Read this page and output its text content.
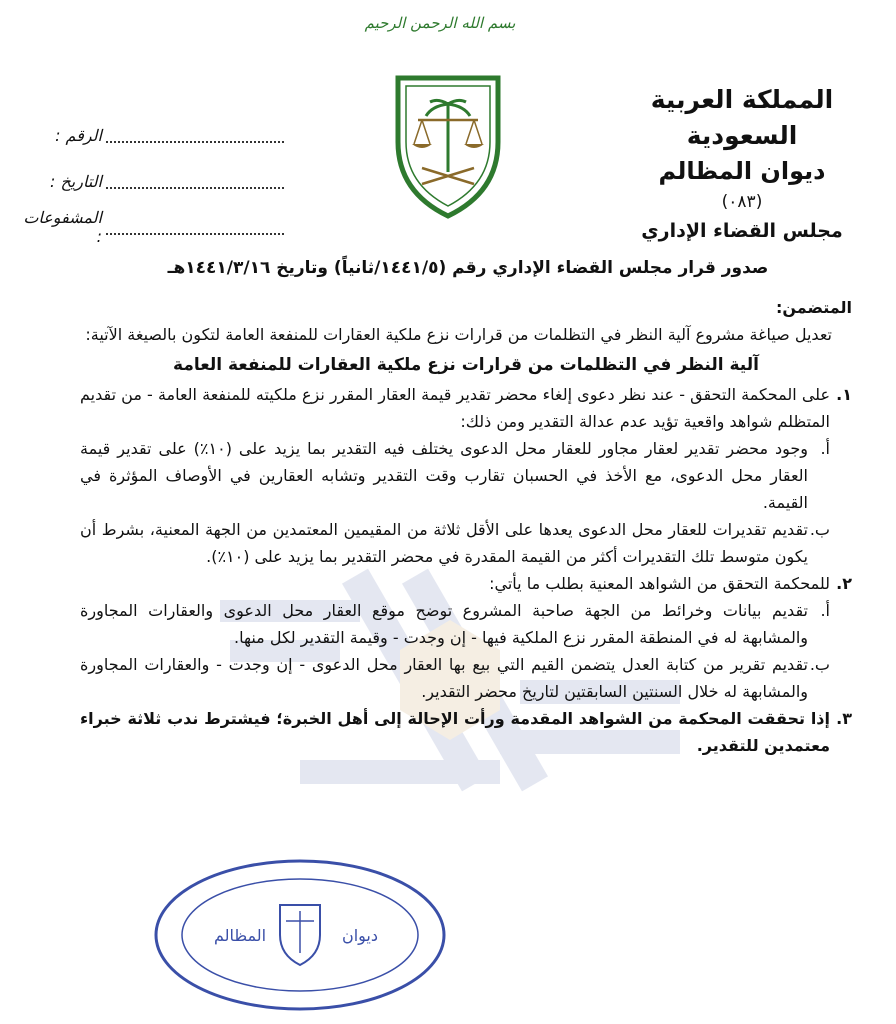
بسم الله الرحمن الرحيم
المملكة العربية السعودية
ديوان المظالم
(٠٨٣)
مجلس القضاء الإداري
الرقم :
التاريخ :
المشفوعات :
صدور قرار مجلس القضاء الإداري رقم (١٤٤١/٥/ثانياً) وتاريخ ١٤٤١/٣/١٦هـ
المتضمن:
تعديل صياغة مشروع آلية النظر في التظلمات من قرارات نزع ملكية العقارات للمنفعة العامة لتكون بالصيغة الآتية:
آلية النظر في التظلمات من قرارات نزع ملكية العقارات للمنفعة العامة
١.
على المحكمة التحقق - عند نظر دعوى إلغاء محضر تقدير قيمة العقار المقرر نزع ملكيته للمنفعة العامة - من تقديم المتظلم شواهد واقعية تؤيد عدم عدالة التقدير ومن ذلك:
أ.
وجود محضر تقدير لعقار مجاور للعقار محل الدعوى يختلف فيه التقدير بما يزيد على (١٠٪) على تقدير قيمة العقار محل الدعوى، مع الأخذ في الحسبان تقارب وقت التقدير وتشابه العقارين في الأوصاف المؤثرة في القيمة.
ب.
تقديم تقديرات للعقار محل الدعوى يعدها على الأقل ثلاثة من المقيمين المعتمدين من الجهة المعنية، بشرط أن يكون متوسط تلك التقديرات أكثر من القيمة المقدرة في محضر التقدير بما يزيد على (١٠٪).
٢.
للمحكمة التحقق من الشواهد المعنية بطلب ما يأتي:
أ.
تقديم بيانات وخرائط من الجهة صاحبة المشروع توضح موقع العقار محل الدعوى والعقارات المجاورة والمشابهة له في المنطقة المقرر نزع الملكية فيها - إن وجدت - وقيمة التقدير لكل منها.
ب.
تقديم تقرير من كتابة العدل يتضمن القيم التي بيع بها العقار محل الدعوى - إن وجدت - والعقارات المجاورة والمشابهة له خلال السنتين السابقتين لتاريخ محضر التقدير.
٣.
إذا تحققت المحكمة من الشواهد المقدمة ورأت الإحالة إلى أهل الخبرة؛ فيشترط ندب ثلاثة خبراء معتمدين للتقدير.
المظالم	ديوان
